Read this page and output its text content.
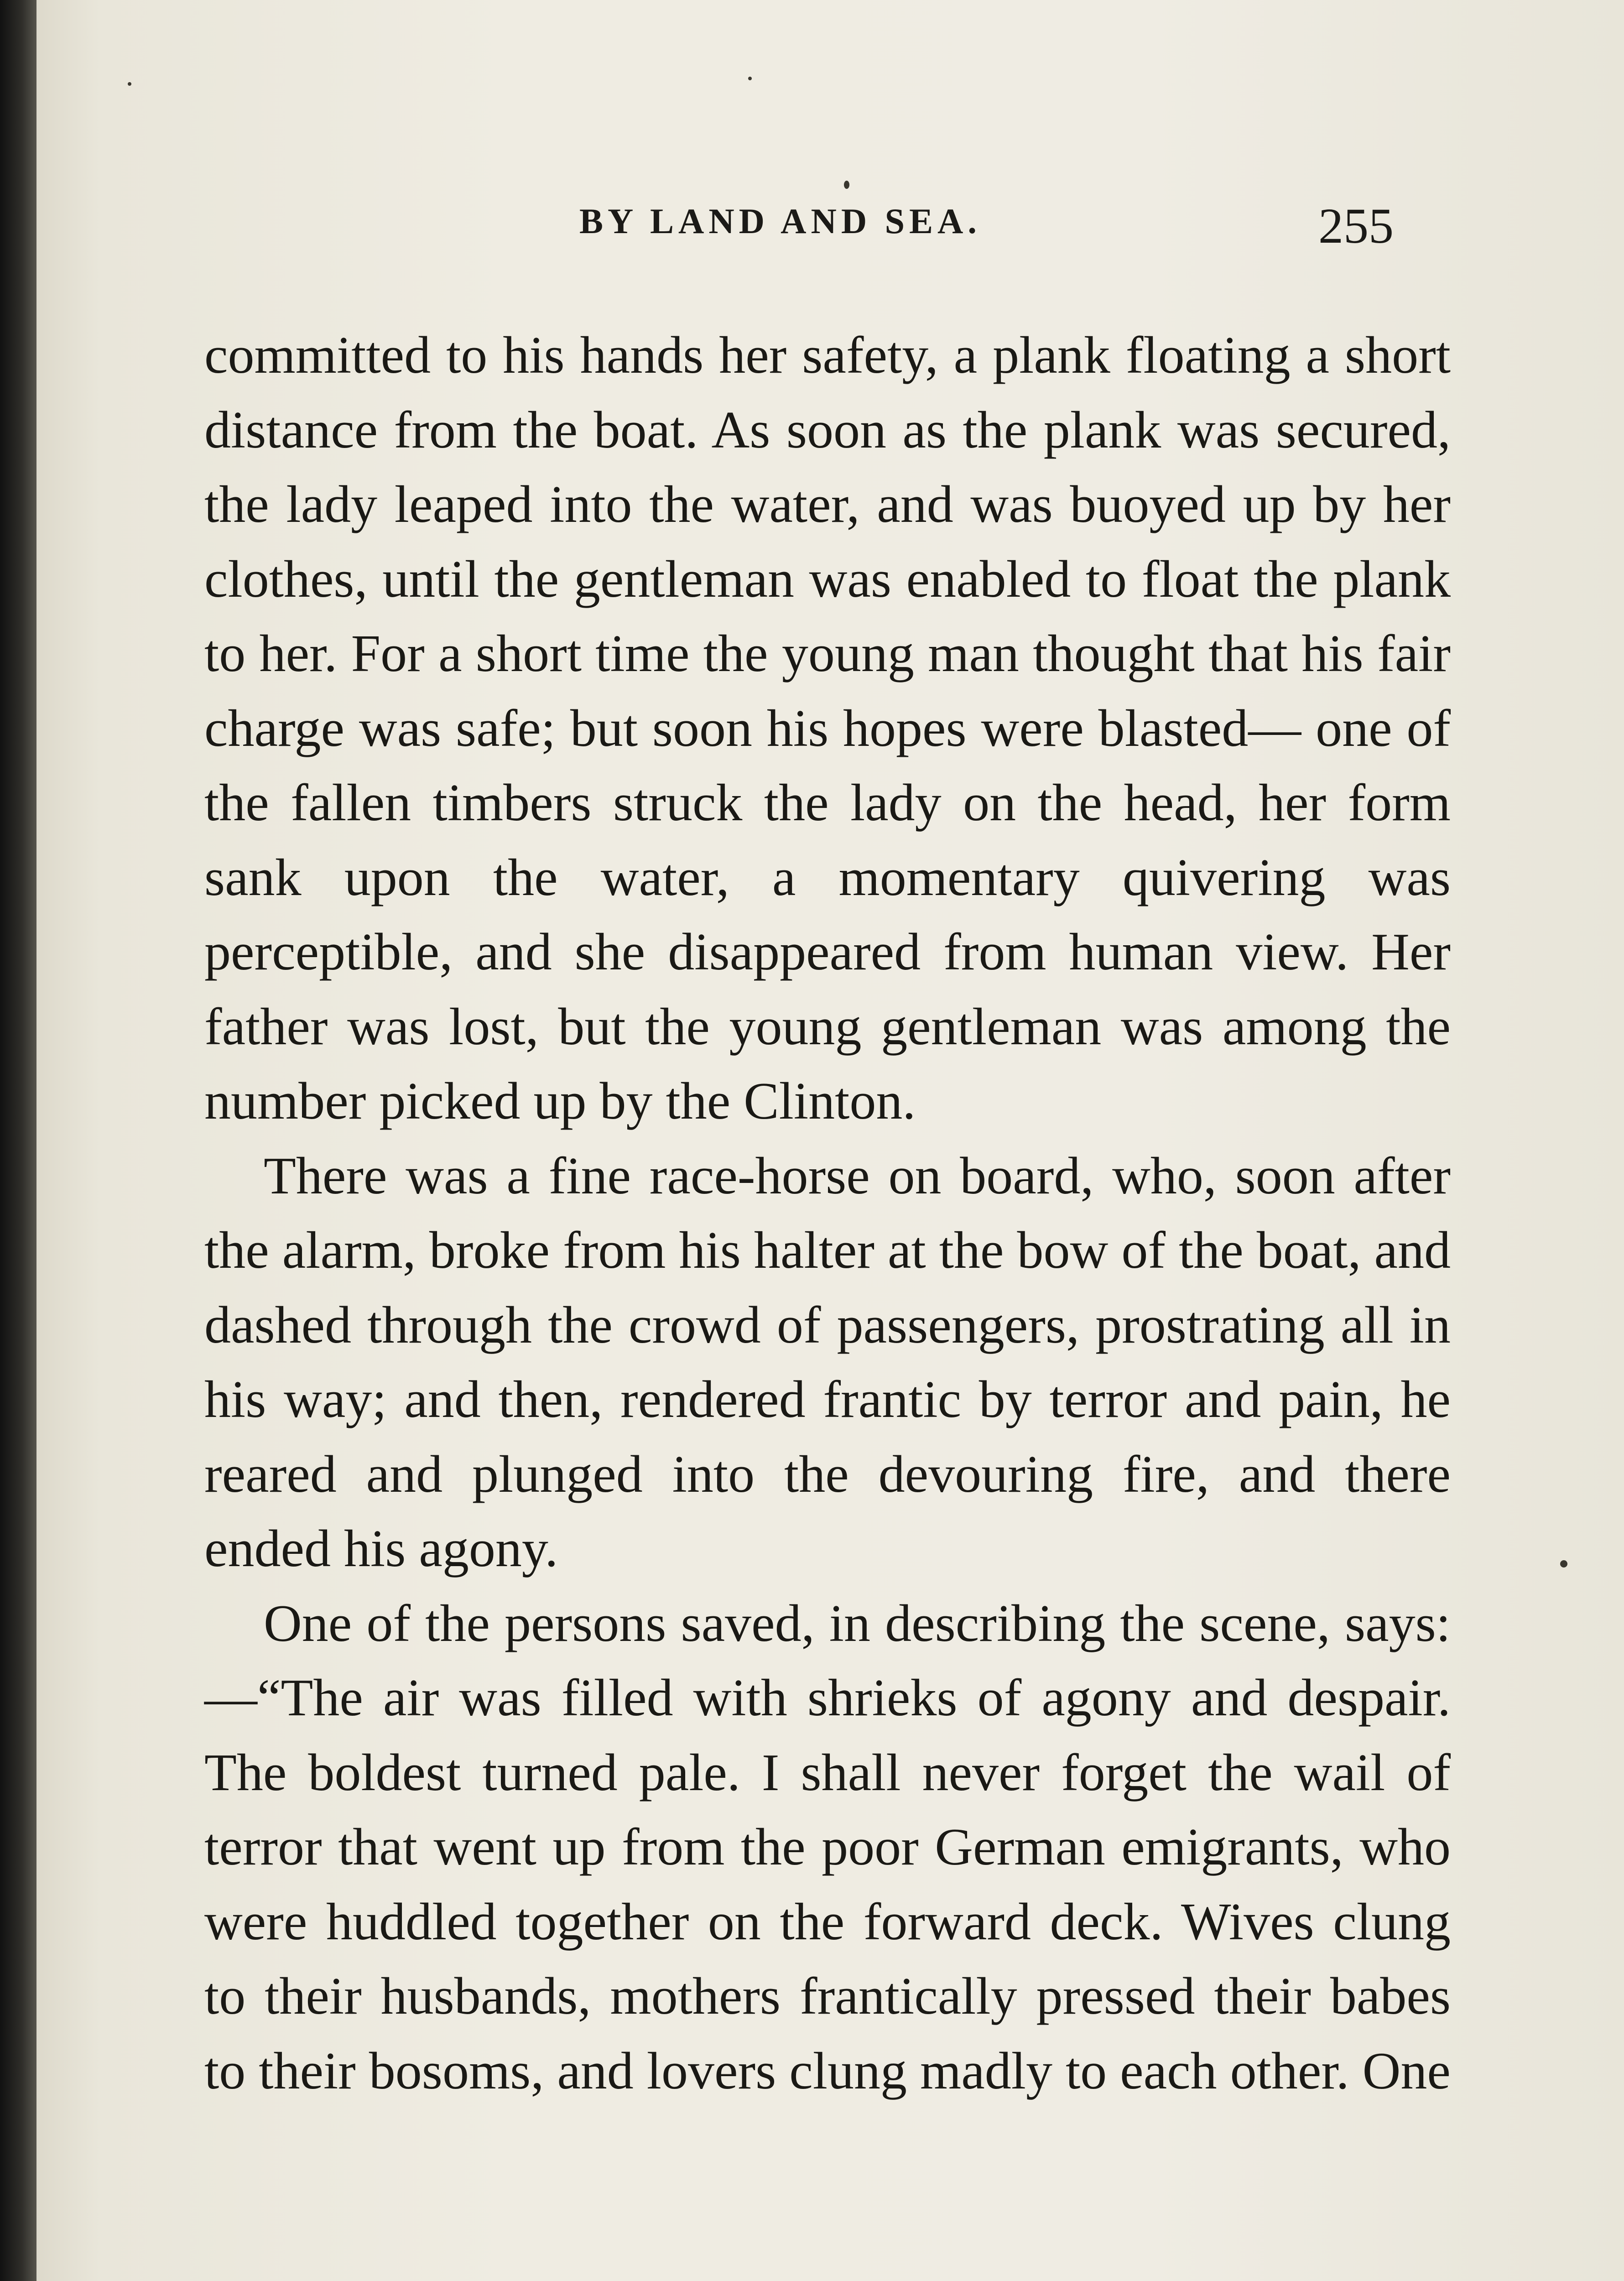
BY LAND AND SEA.	255

committed to his hands her safety, a plank floating a short distance from the boat. As soon as the plank was secured, the lady leaped into the water, and was buoyed up by her clothes, until the gentleman was enabled to float the plank to her. For a short time the young man thought that his fair charge was safe; but soon his hopes were blasted— one of the fallen timbers struck the lady on the head, her form sank upon the water, a momentary quivering was perceptible, and she disappeared from human view. Her father was lost, but the young gentleman was among the number picked up by the Clinton.

There was a fine race-horse on board, who, soon after the alarm, broke from his halter at the bow of the boat, and dashed through the crowd of passengers, prostrating all in his way; and then, rendered frantic by terror and pain, he reared and plunged into the devouring fire, and there ended his agony.

One of the persons saved, in describing the scene, says:—“The air was filled with shrieks of agony and despair. The boldest turned pale. I shall never forget the wail of terror that went up from the poor German emigrants, who were huddled together on the forward deck. Wives clung to their husbands, mothers frantically pressed their babes to their bosoms, and lovers clung madly to each other. One
